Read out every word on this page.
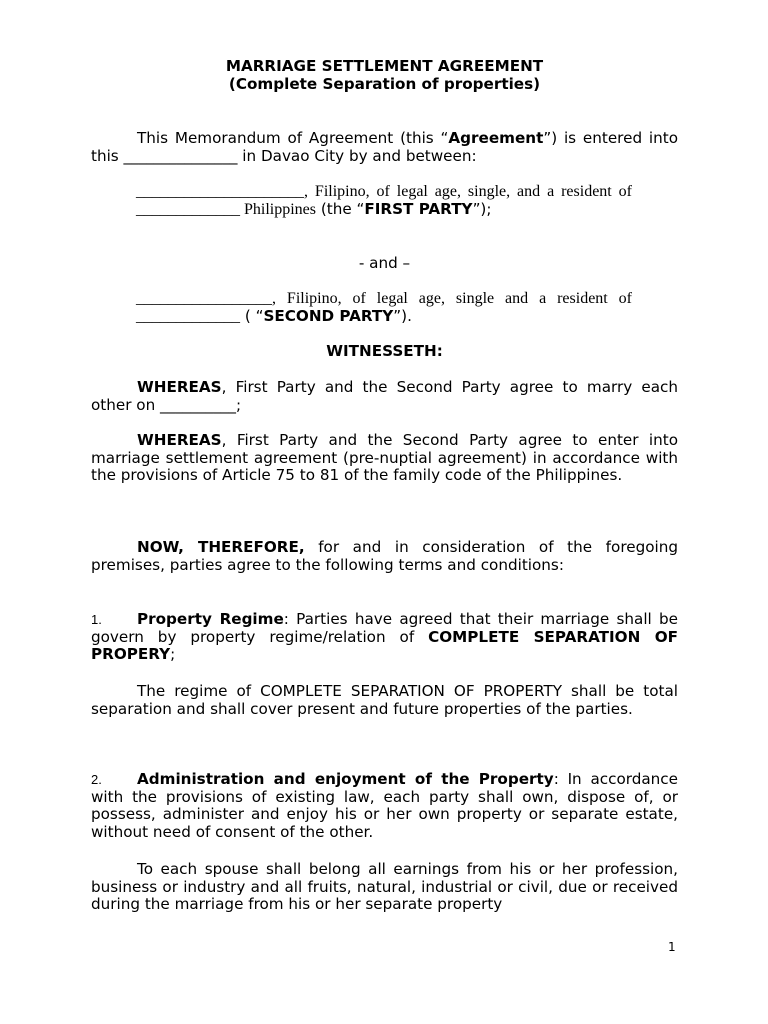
MARRIAGE SETTLEMENT AGREEMENT
(Complete Separation of properties)

This Memorandum of Agreement (this “Agreement”) is entered into this _______________ in Davao City by and between:

_____________________, Filipino, of legal age, single, and a resident of _____________ Philippines (the “FIRST PARTY”);

- and –

_________________, Filipino, of legal age, single and a resident of _____________ ( “SECOND PARTY”).

WITNESSETH:

WHEREAS, First Party and the Second Party agree to marry each other on __________;

WHEREAS, First Party and the Second Party agree to enter into marriage settlement agreement (pre-nuptial agreement) in accordance with the provisions of Article 75 to 81 of the family code of the Philippines.

NOW, THEREFORE, for and in consideration of the foregoing premises, parties agree to the following terms and conditions:

1. Property Regime: Parties have agreed that their marriage shall be govern by property regime/relation of COMPLETE SEPARATION OF PROPERY;

The regime of COMPLETE SEPARATION OF PROPERTY shall be total separation and shall cover present and future properties of the parties.

2. Administration and enjoyment of the Property: In accordance with the provisions of existing law, each party shall own, dispose of, or possess, administer and enjoy his or her own property or separate estate, without need of consent of the other.

To each spouse shall belong all earnings from his or her profession, business or industry and all fruits, natural, industrial or civil, due or received during the marriage from his or her separate property

1
